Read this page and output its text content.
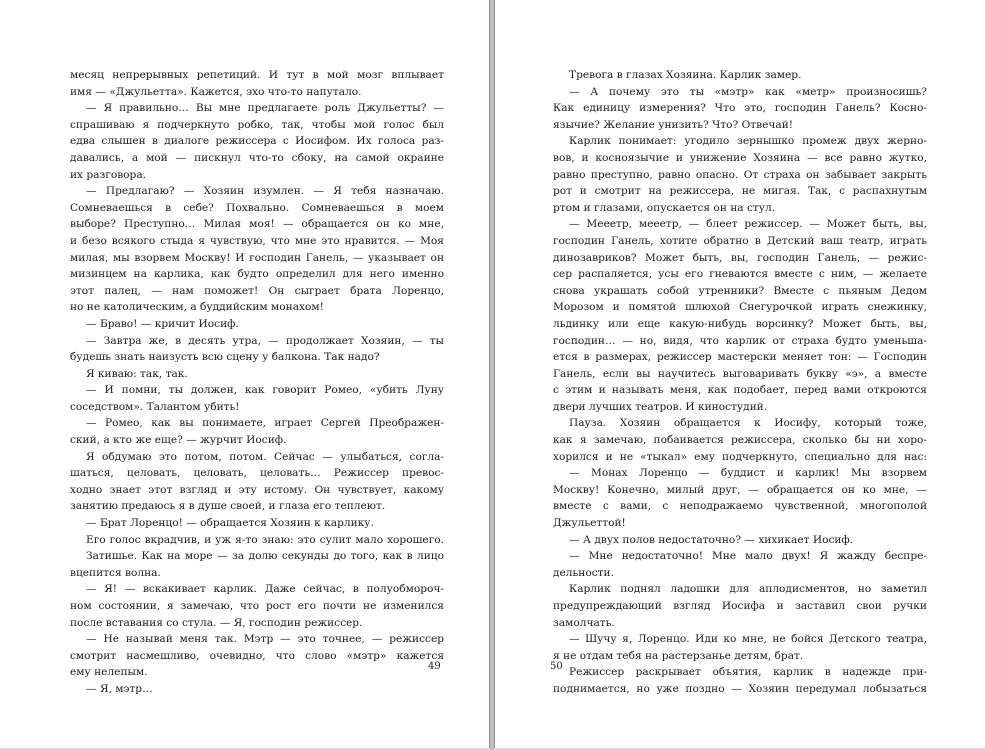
месяц непрерывных репетиций. И тут в мой мозг вплывает
имя — «Джульетта». Кажется, эхо что-то напутало.
— Я правильно… Вы мне предлагаете роль Джульетты? —
спрашиваю я подчеркнуто робко, так, чтобы мой голос был
едва слышен в диалоге режиссера с Иосифом. Их голоса раз-
давались, а мой — пискнул что-то сбоку, на самой окраине
их разговора.
— Предлагаю? — Хозяин изумлен. — Я тебя назначаю.
Сомневаешься в себе? Похвально. Сомневаешься в моем
выборе? Преступно… Милая моя! — обращается он ко мне,
и безо всякого стыда я чувствую, что мне это нравится. — Моя
милая, мы взорвем Москву! И господин Ганель, — указывает он
мизинцем на карлика, как будто определил для него именно
этот палец, — нам поможет! Он сыграет брата Лоренцо,
но не католическим, а буддийским монахом!
— Браво! — кричит Иосиф.
— Завтра же, в десять утра, — продолжает Хозяин, — ты
будешь знать наизусть всю сцену у балкона. Так надо?
Я киваю: так, так.
— И помни, ты должен, как говорит Ромео, «убить Луну
соседством». Талантом убить!
— Ромео, как вы понимаете, играет Сергей Преображен-
ский, а кто же еще? — журчит Иосиф.
Я обдумаю это потом, потом. Сейчас — улыбаться, согла-
шаться, целовать, целовать, целовать… Режиссер превос-
ходно знает этот взгляд и эту истому. Он чувствует, какому
занятию предаюсь я в душе своей, и глаза его теплеют.
— Брат Лоренцо! — обращается Хозяин к карлику.
Его голос вкрадчив, и уж я-то знаю: это сулит мало хорошего.
Затишье. Как на море — за долю секунды до того, как в лицо
вцепится волна.
— Я! — вскакивает карлик. Даже сейчас, в полуобмороч-
ном состоянии, я замечаю, что рост его почти не изменился
после вставания со стула. — Я, господин режиссер.
— Не называй меня так. Мэтр — это точнее, — режиссер
смотрит насмешливо, очевидно, что слово «мэтр» кажется
ему нелепым.
— Я, мэтр…
49
Тревога в глазах Хозяина. Карлик замер.
— А почему это ты «мэтр» как «метр» произносишь?
Как единицу измерения? Что это, господин Ганель? Косно-
язычие? Желание унизить? Что? Отвечай!
Карлик понимает: угодило зернышко промеж двух жерно-
вов, и косноязычие и унижение Хозяина — все равно жутко,
равно преступно, равно опасно. От страха он забывает закрыть
рот и смотрит на режиссера, не мигая. Так, с распахнутым
ртом и глазами, опускается он на стул.
— Меeетр, меeетр, — блеет режиссер. — Может быть, вы,
господин Ганель, хотите обратно в Детский ваш театр, играть
динозавриков? Может быть, вы, господин Ганель, — режис-
сер распаляется, усы его гневаются вместе с ним, — желаете
снова украшать собой утренники? Вместе с пьяным Дедом
Морозом и помятой шлюхой Снегурочкой играть снежинку,
льдинку или еще какую-нибудь ворсинку? Может быть, вы,
господин… — но, видя, что карлик от страха будто уменьша-
ется в размерах, режиссер мастерски меняет тон: — Господин
Ганель, если вы научитесь выговаривать букву «э», а вместе
с этим и называть меня, как подобает, перед вами откроются
двери лучших театров. И киностудий.
Пауза. Хозяин обращается к Иосифу, который тоже,
как я замечаю, побаивается режиссера, сколько бы ни хоро-
хорился и не «тыкал» ему подчеркнуто, специально для нас:
— Монах Лоренцо — буддист и карлик! Мы взорвем
Москву! Конечно, милый друг, — обращается он ко мне, —
вместе с вами, с неподражаемо чувственной, многополой
Джульеттой!
— А двух полов недостаточно? — хихикает Иосиф.
— Мне недостаточно! Мне мало двух! Я жажду беспре-
дельности.
Карлик поднял ладошки для аплодисментов, но заметил
предупреждающий взгляд Иосифа и заставил свои ручки
замолчать.
— Шучу я, Лоренцо. Иди ко мне, не бойся Детского театра,
я не отдам тебя на растерзанье детям, брат.
Режиссер раскрывает объятия, карлик в надежде при-
поднимается, но уже поздно — Хозяин передумал лобызаться
50
